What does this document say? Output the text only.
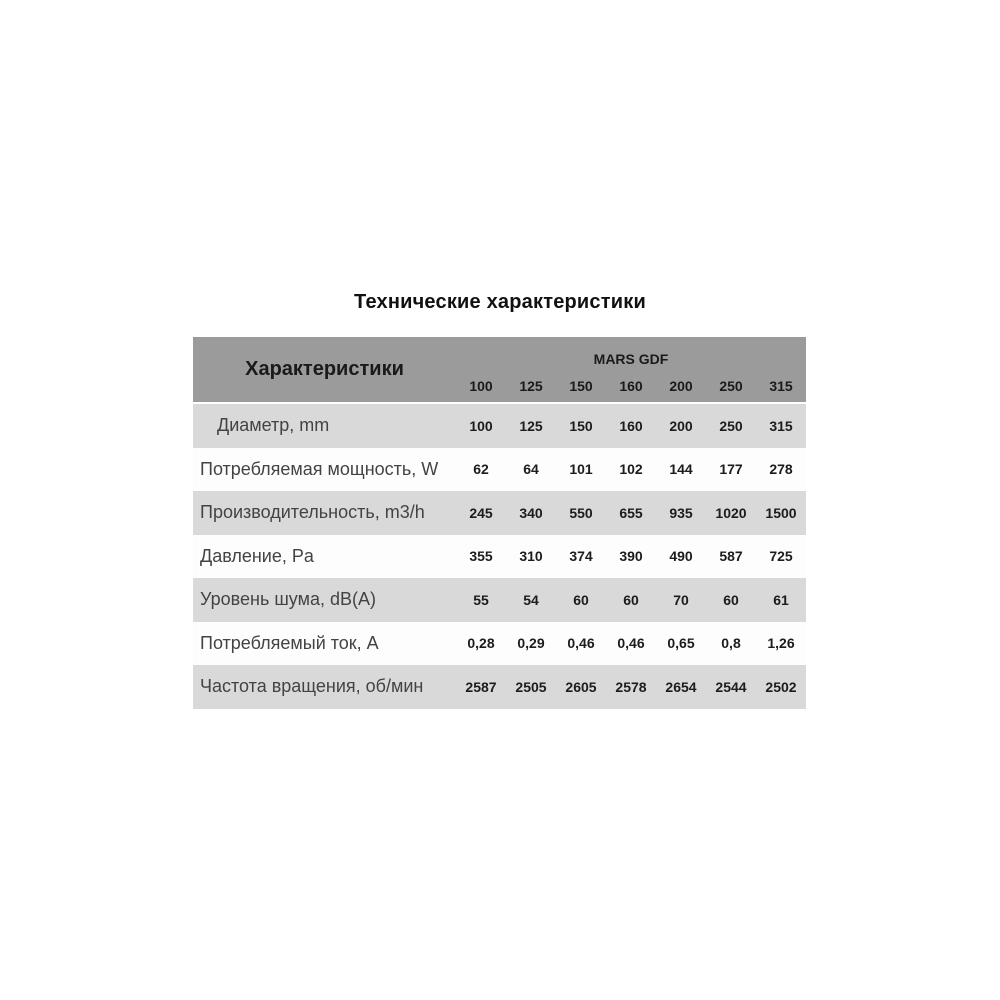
Технические характеристики
Характеристики	MARS GDF
100	125	150	160	200	250	315
Диаметр, mm	100	125	150	160	200	250	315
Потребляемая мощность, W	62	64	101	102	144	177	278
Производительность, m3/h	245	340	550	655	935	1020	1500
Давление, Pa	355	310	374	390	490	587	725
Уровень шума, dB(A)	55	54	60	60	70	60	61
Потребляемый ток, A	0,28	0,29	0,46	0,46	0,65	0,8	1,26
Частота вращения, об/мин	2587	2505	2605	2578	2654	2544	2502
